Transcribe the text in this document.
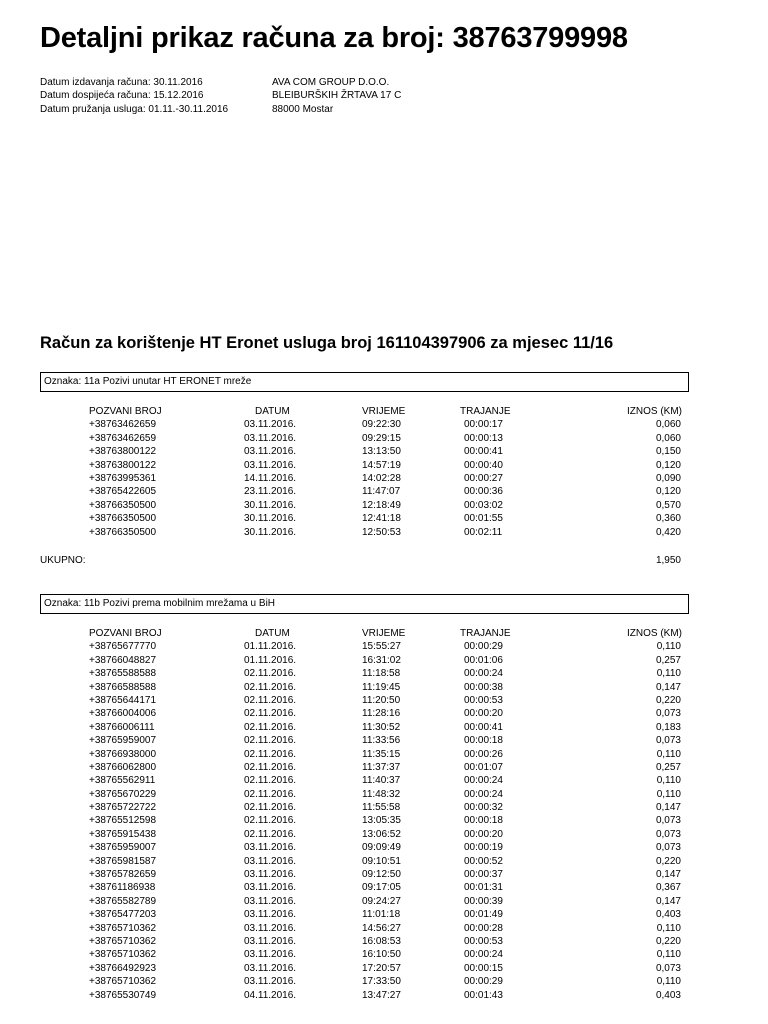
Detaljni prikaz računa za broj: 38763799998
Datum izdavanja računa: 30.11.2016
Datum dospijeća računa: 15.12.2016
Datum pružanja usluga: 01.11.-30.11.2016
AVA COM GROUP D.O.O.
BLEIBURŠKIH ŽRTAVA 17 C
88000 Mostar
Račun za korištenje HT Eronet usluga broj 161104397906 za mjesec 11/16
Oznaka: 11a Pozivi unutar HT ERONET mreže
POZVANI BROJ	DATUM	VRIJEME	TRAJANJE	IZNOS (KM)
+38763462659	03.11.2016.	09:22:30	00:00:17	0,060
+38763462659	03.11.2016.	09:29:15	00:00:13	0,060
+38763800122	03.11.2016.	13:13:50	00:00:41	0,150
+38763800122	03.11.2016.	14:57:19	00:00:40	0,120
+38763995361	14.11.2016.	14:02:28	00:00:27	0,090
+38765422605	23.11.2016.	11:47:07	00:00:36	0,120
+38766350500	30.11.2016.	12:18:49	00:03:02	0,570
+38766350500	30.11.2016.	12:41:18	00:01:55	0,360
+38766350500	30.11.2016.	12:50:53	00:02:11	0,420
UKUPNO:	1,950
Oznaka: 11b Pozivi prema mobilnim mrežama u BiH
POZVANI BROJ	DATUM	VRIJEME	TRAJANJE	IZNOS (KM)
+38765677770	01.11.2016.	15:55:27	00:00:29	0,110
+38766048827	01.11.2016.	16:31:02	00:01:06	0,257
+38765588588	02.11.2016.	11:18:58	00:00:24	0,110
+38766588588	02.11.2016.	11:19:45	00:00:38	0,147
+38765644171	02.11.2016.	11:20:50	00:00:53	0,220
+38766004006	02.11.2016.	11:28:16	00:00:20	0,073
+38766006111	02.11.2016.	11:30:52	00:00:41	0,183
+38765959007	02.11.2016.	11:33:56	00:00:18	0,073
+38766938000	02.11.2016.	11:35:15	00:00:26	0,110
+38766062800	02.11.2016.	11:37:37	00:01:07	0,257
+38765562911	02.11.2016.	11:40:37	00:00:24	0,110
+38765670229	02.11.2016.	11:48:32	00:00:24	0,110
+38765722722	02.11.2016.	11:55:58	00:00:32	0,147
+38765512598	02.11.2016.	13:05:35	00:00:18	0,073
+38765915438	02.11.2016.	13:06:52	00:00:20	0,073
+38765959007	03.11.2016.	09:09:49	00:00:19	0,073
+38765981587	03.11.2016.	09:10:51	00:00:52	0,220
+38765782659	03.11.2016.	09:12:50	00:00:37	0,147
+38761186938	03.11.2016.	09:17:05	00:01:31	0,367
+38765582789	03.11.2016.	09:24:27	00:00:39	0,147
+38765477203	03.11.2016.	11:01:18	00:01:49	0,403
+38765710362	03.11.2016.	14:56:27	00:00:28	0,110
+38765710362	03.11.2016.	16:08:53	00:00:53	0,220
+38765710362	03.11.2016.	16:10:50	00:00:24	0,110
+38766492923	03.11.2016.	17:20:57	00:00:15	0,073
+38765710362	03.11.2016.	17:33:50	00:00:29	0,110
+38765530749	04.11.2016.	13:47:27	00:01:43	0,403
